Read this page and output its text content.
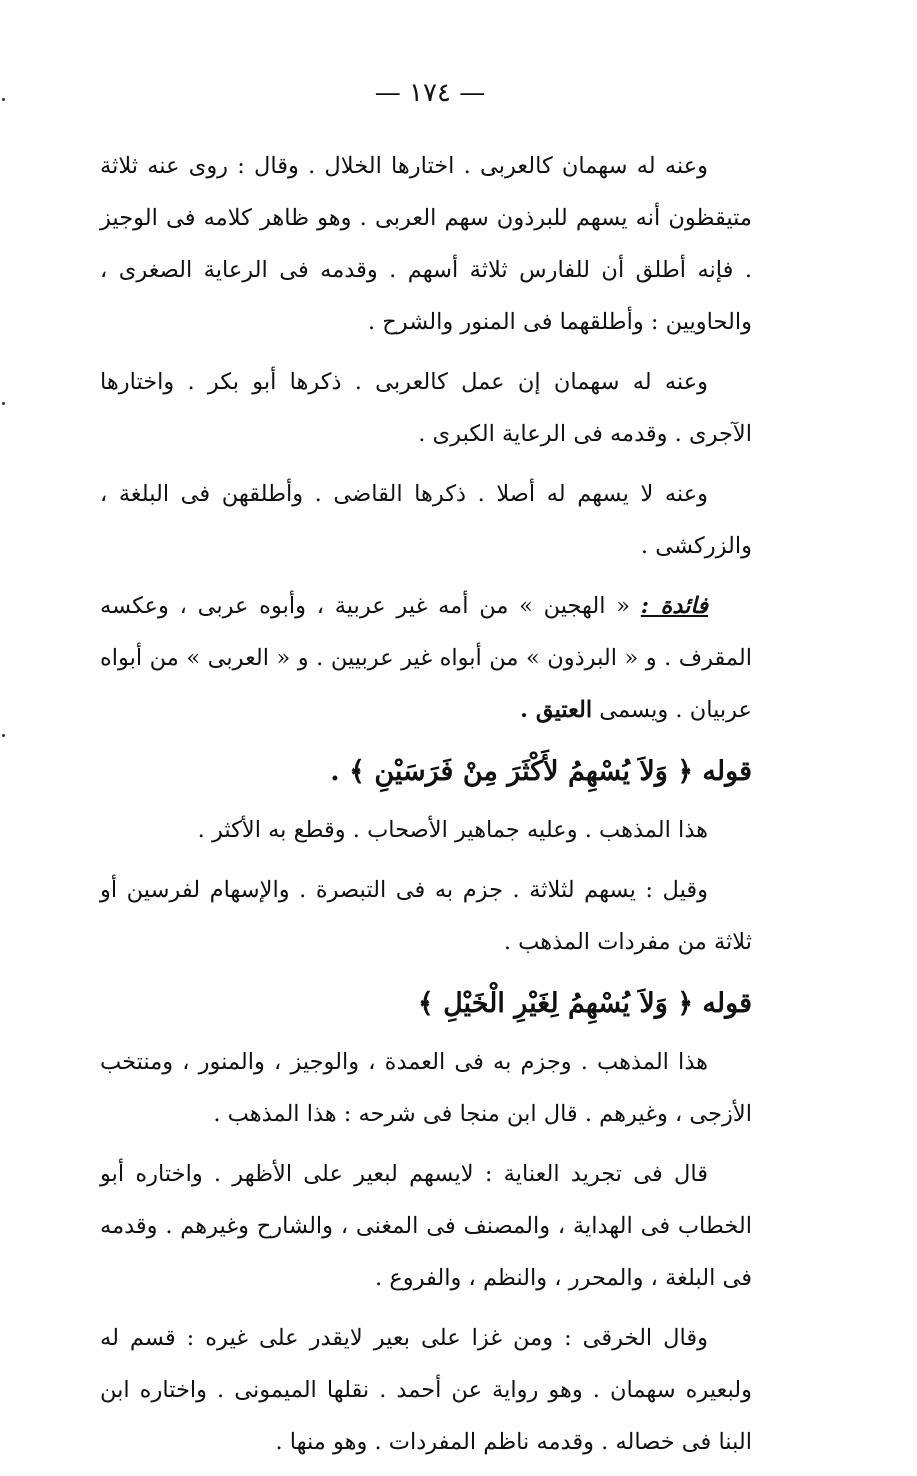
— ١٧٤ —

وعنه له سهمان كالعربى . اختارها الخلال . وقال : روى عنه ثلاثة متيقظون أنه يسهم للبرذون سهم العربى . وهو ظاهر كلامه فى الوجيز . فإنه أطلق أن للفارس ثلاثة أسهم . وقدمه فى الرعاية الصغرى ، والحاويين : وأطلقهما فى المنور والشرح .

وعنه له سهمان إن عمل كالعربى . ذكرها أبو بكر . واختارها الآجرى . وقدمه فى الرعاية الكبرى .

وعنه لا يسهم له أصلا . ذكرها القاضى . وأطلقهن فى البلغة ، والزركشى .

فائدة : « الهجين » من أمه غير عربية ، وأبوه عربى ، وعكسه المقرف . و « البرذون » من أبواه غير عربيين . و « العربى » من أبواه عربيان . ويسمى العتيق .

قوله ﴿ وَلاَ يُسْهِمُ لأَكْثَرَ مِنْ فَرَسَيْنِ ﴾ .

هذا المذهب . وعليه جماهير الأصحاب . وقطع به الأكثر .

وقيل : يسهم لثلاثة . جزم به فى التبصرة . والإسهام لفرسين أو ثلاثة من مفردات المذهب .

قوله ﴿ وَلاَ يُسْهِمُ لِغَيْرِ الْخَيْلِ ﴾

هذا المذهب . وجزم به فى العمدة ، والوجيز ، والمنور ، ومنتخب الأزجى ، وغيرهم . قال ابن منجا فى شرحه : هذا المذهب .

قال فى تجريد العناية : لايسهم لبعير على الأظهر . واختاره أبو الخطاب فى الهداية ، والمصنف فى المغنى ، والشارح وغيرهم . وقدمه فى البلغة ، والمحرر ، والنظم ، والفروع .

وقال الخرقى : ومن غزا على بعير لايقدر على غيره : قسم له ولبعيره سهمان . وهو رواية عن أحمد . نقلها الميمونى . واختاره ابن البنا فى خصاله . وقدمه ناظم المفردات . وهو منها .
